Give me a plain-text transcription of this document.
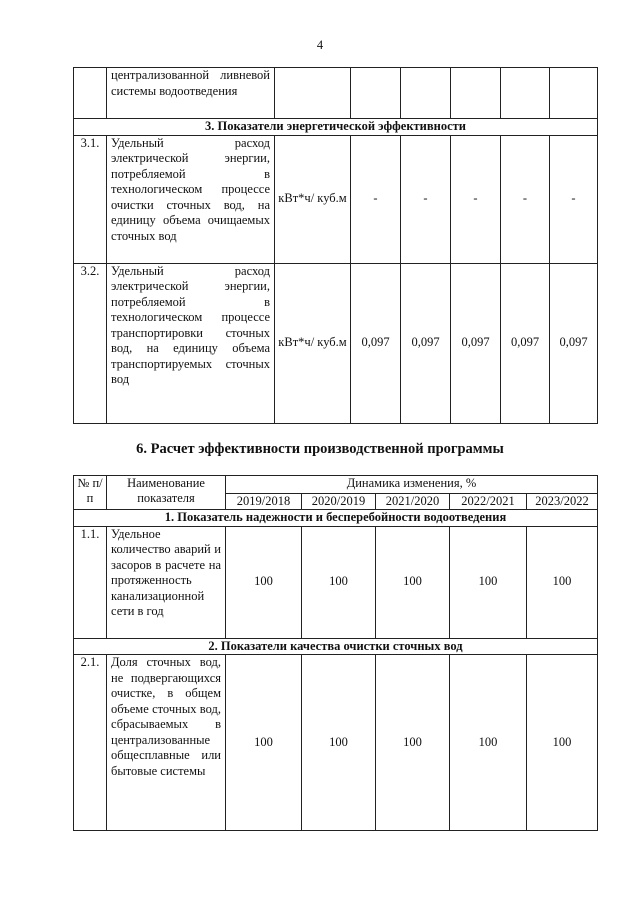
4
	централизованной ливневой системы водоотведения						
3. Показатели энергетической эффективности							
3.1.	Удельный расход электрической энергии, потребляемой в технологическом процессе очистки сточных вод, на единицу объема очищаемых сточных вод	кВт*ч/ куб.м	-	-	-	-	-
3.2.	Удельный расход электрической энергии, потребляемой в технологическом процессе транспортировки сточных вод, на единицу объема транспортируемых сточных вод	кВт*ч/ куб.м	0,097	0,097	0,097	0,097	0,097
6. Расчет эффективности производственной программы
№ п/п	Наименование показателя	Динамика изменения, %				
		2019/2018	2020/2019	2021/2020	2022/2021	2023/2022
1. Показатель надежности и бесперебойности водоотведения						
1.1.	Удельное количество аварий и засоров в расчете на протяженность канализационной сети в год	100	100	100	100	100
2. Показатели качества очистки сточных вод						
2.1.	Доля сточных вод, не подвергающихся очистке, в общем объеме сточных вод, сбрасываемых в централизованные общесплавные или бытовые системы	100	100	100	100	100
